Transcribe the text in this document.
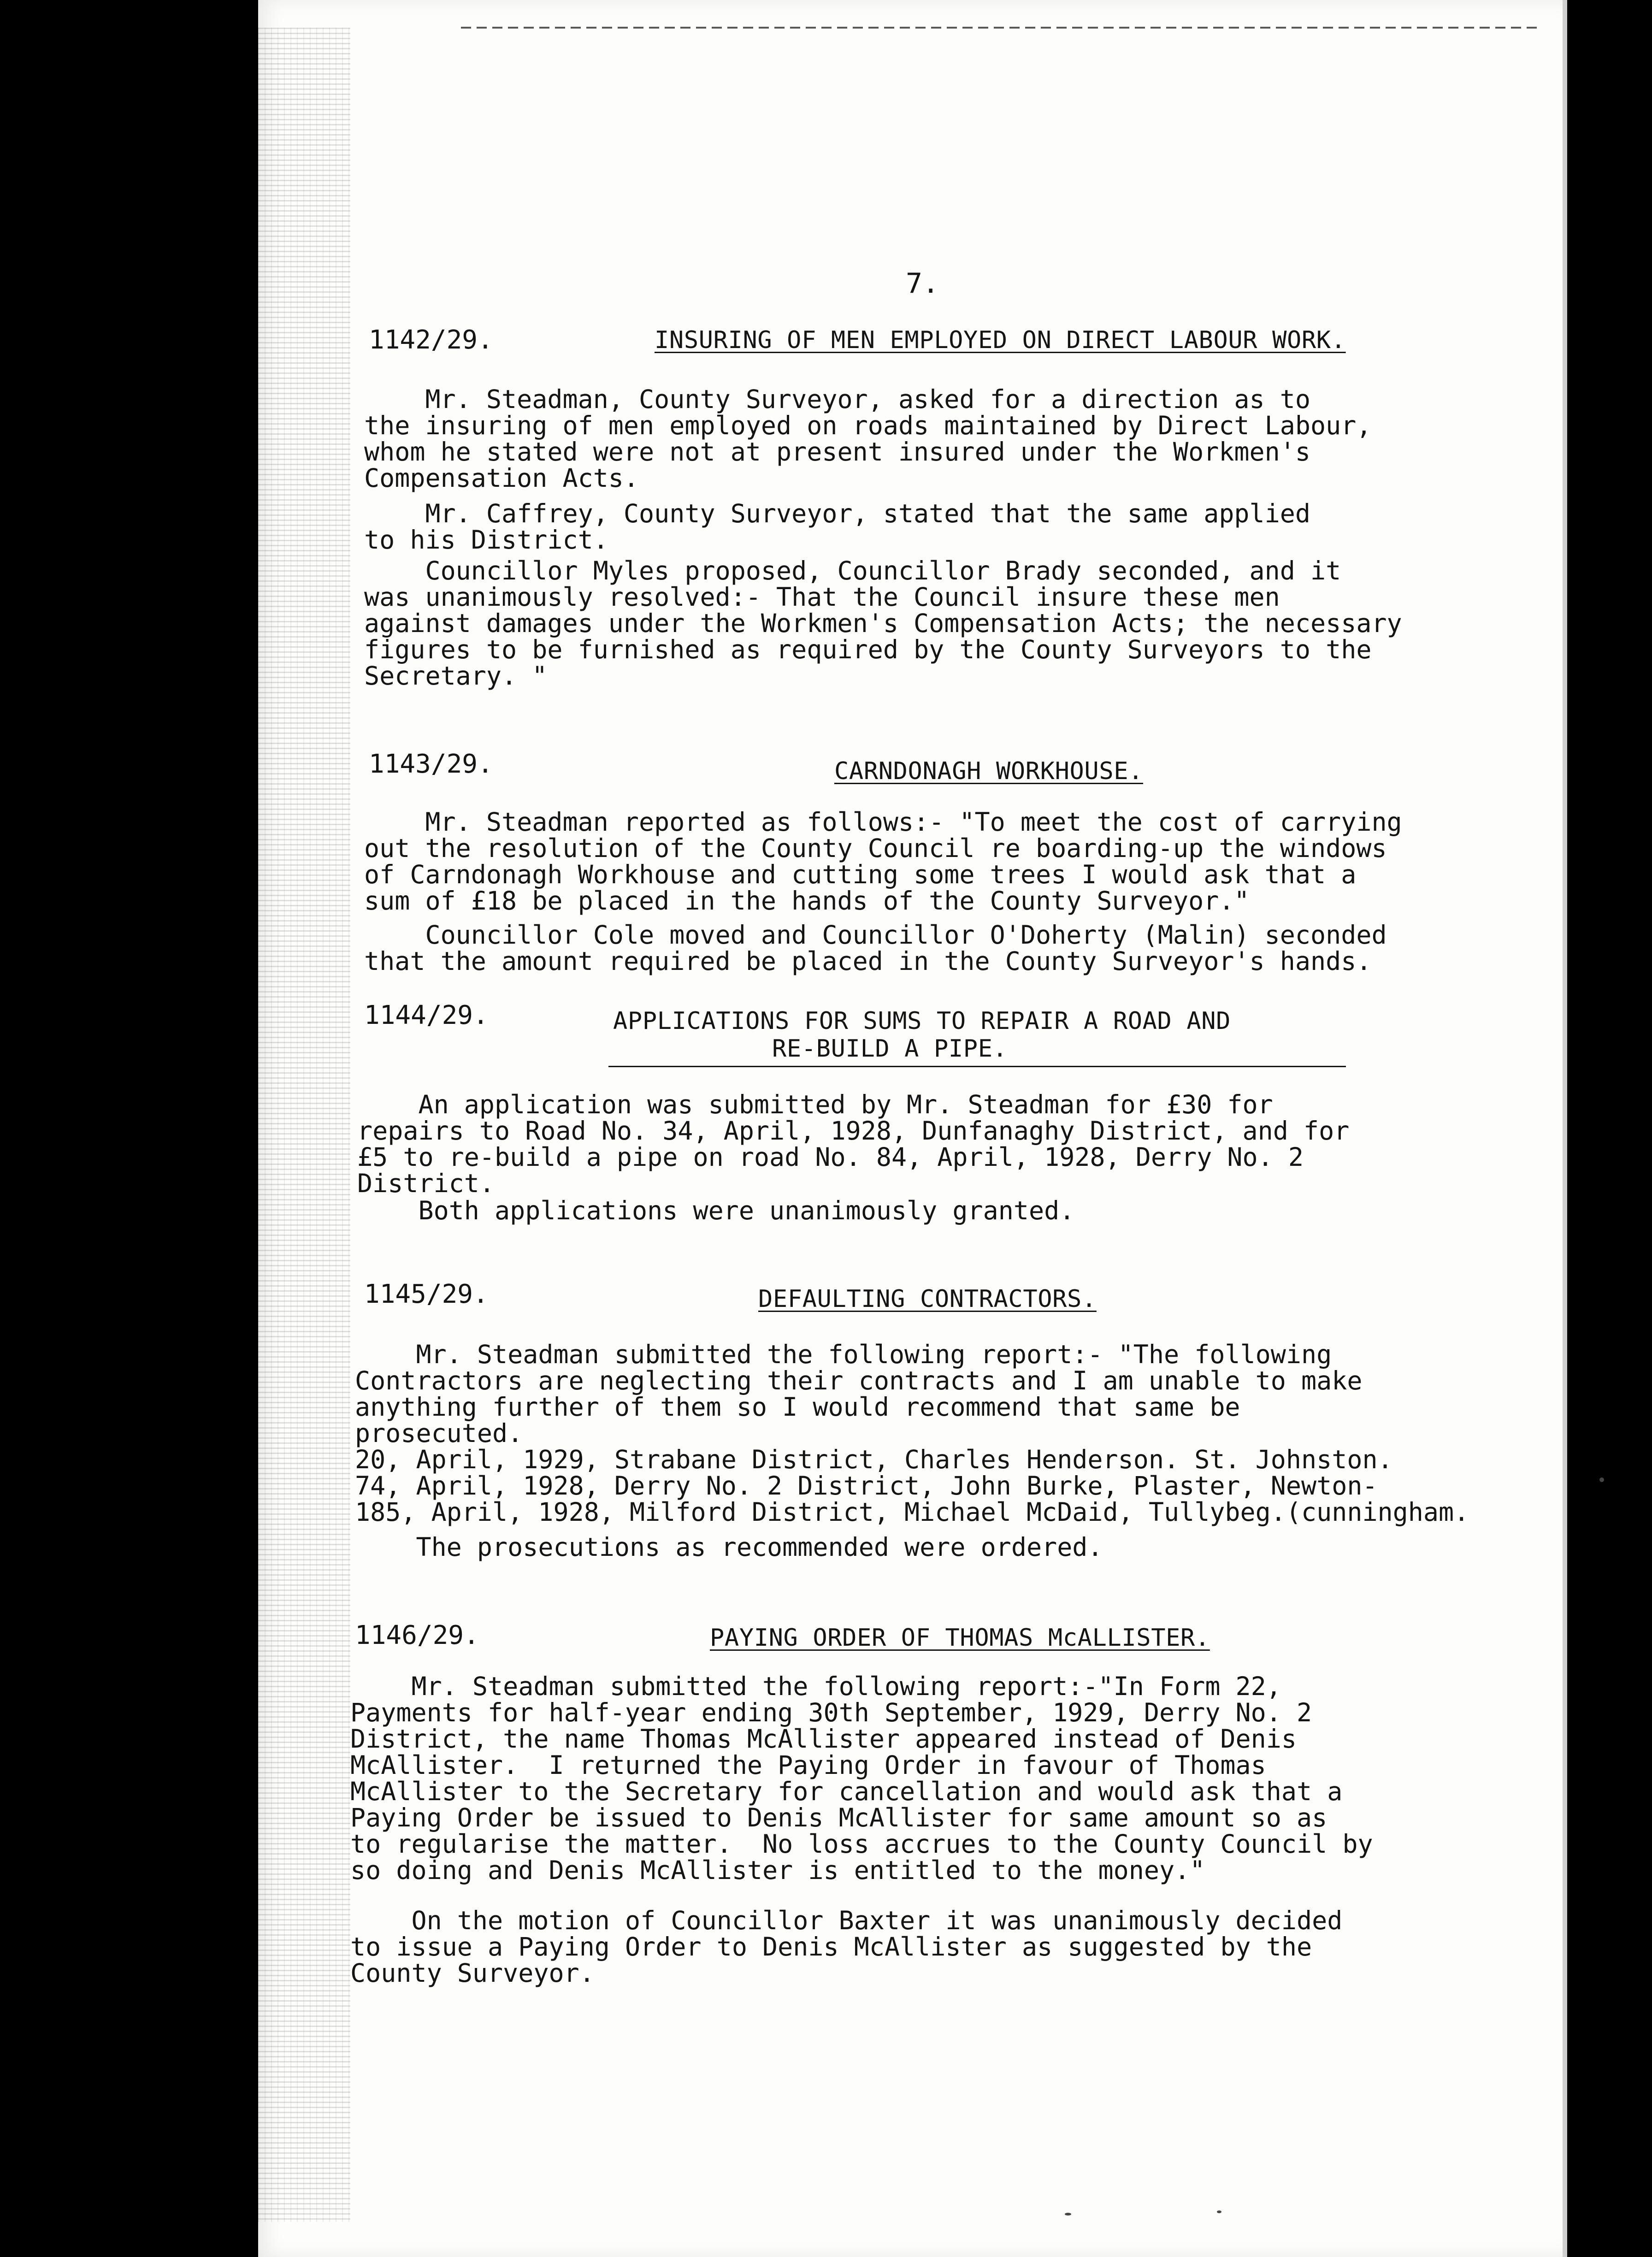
7.
1142/29.	INSURING OF MEN EMPLOYED ON DIRECT LABOUR WORK.
Mr. Steadman, County Surveyor, asked for a direction as to
the insuring of men employed on roads maintained by Direct Labour,
whom he stated were not at present insured under the Workmen's
Compensation Acts.
Mr. Caffrey, County Surveyor, stated that the same applied
to his District.
Councillor Myles proposed, Councillor Brady seconded, and it
was unanimously resolved:- That the Council insure these men
against damages under the Workmen's Compensation Acts; the necessary
figures to be furnished as required by the County Surveyors to the
Secretary. "
1143/29.	CARNDONAGH WORKHOUSE.
Mr. Steadman reported as follows:- "To meet the cost of carrying
out the resolution of the County Council re boarding-up the windows
of Carndonagh Workhouse and cutting some trees I would ask that a
sum of £18 be placed in the hands of the County Surveyor."
Councillor Cole moved and Councillor O'Doherty (Malin) seconded
that the amount required be placed in the County Surveyor's hands.
1144/29.	APPLICATIONS FOR SUMS TO REPAIR A ROAD AND
RE-BUILD A PIPE.
An application was submitted by Mr. Steadman for £30 for
repairs to Road No. 34, April, 1928, Dunfanaghy District, and for
£5 to re-build a pipe on road No. 84, April, 1928, Derry No. 2
District.
Both applications were unanimously granted.
1145/29.	DEFAULTING CONTRACTORS.
Mr. Steadman submitted the following report:- "The following
Contractors are neglecting their contracts and I am unable to make
anything further of them so I would recommend that same be
prosecuted.
20, April, 1929, Strabane District, Charles Henderson. St. Johnston.
74, April, 1928, Derry No. 2 District, John Burke, Plaster, Newton-
185, April, 1928, Milford District, Michael McDaid, Tullybeg.(cunningham.
The prosecutions as recommended were ordered.
1146/29.	PAYING ORDER OF THOMAS McALLISTER.
Mr. Steadman submitted the following report:-"In Form 22,
Payments for half-year ending 30th September, 1929, Derry No. 2
District, the name Thomas McAllister appeared instead of Denis
McAllister.  I returned the Paying Order in favour of Thomas
McAllister to the Secretary for cancellation and would ask that a
Paying Order be issued to Denis McAllister for same amount so as
to regularise the matter.  No loss accrues to the County Council by
so doing and Denis McAllister is entitled to the money."
On the motion of Councillor Baxter it was unanimously decided
to issue a Paying Order to Denis McAllister as suggested by the
County Surveyor.
